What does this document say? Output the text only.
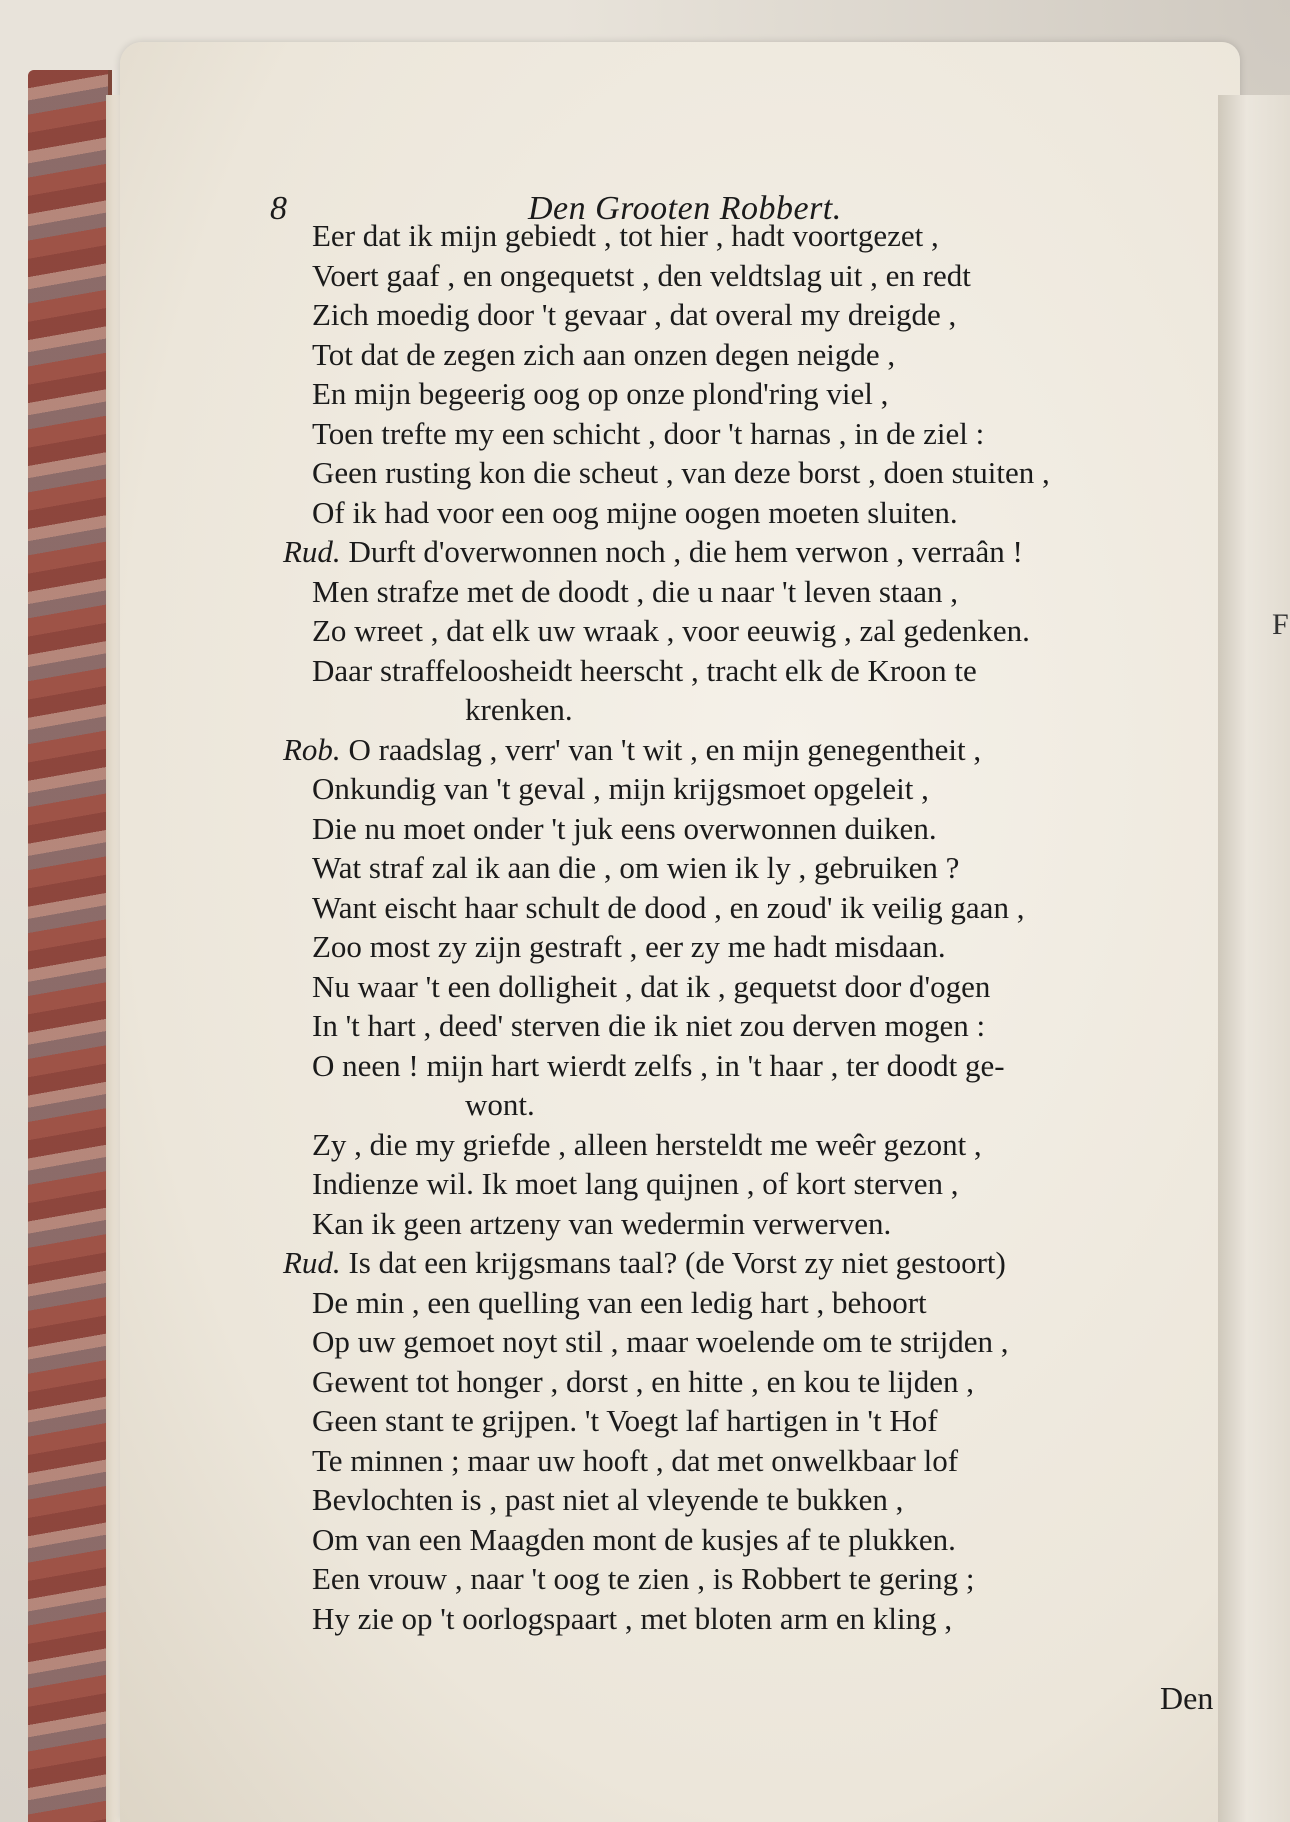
F
8	Den Grooten Robbert.
Eer dat ik mijn gebiedt , tot hier , hadt voortgezet ,
Voert gaaf , en ongequetst , den veldtslag uit , en redt
Zich moedig door 't gevaar , dat overal my dreigde ,
Tot dat de zegen zich aan onzen degen neigde ,
En mijn begeerig oog op onze plond'ring viel ,
Toen trefte my een schicht , door 't harnas , in de ziel :
Geen rusting kon die scheut , van deze borst , doen stuiten ,
Of ik had voor een oog mijne oogen moeten sluiten.
Rud. Durft d'overwonnen noch , die hem verwon , verraân !
Men strafze met de doodt , die u naar 't leven staan ,
Zo wreet , dat elk uw wraak , voor eeuwig , zal gedenken.
Daar straffeloosheidt heerscht , tracht elk de Kroon te
krenken.
Rob. O raadslag , verr' van 't wit , en mijn genegentheit ,
Onkundig van 't geval , mijn krijgsmoet opgeleit ,
Die nu moet onder 't juk eens overwonnen duiken.
Wat straf zal ik aan die , om wien ik ly , gebruiken ?
Want eischt haar schult de dood , en zoud' ik veilig gaan ,
Zoo most zy zijn gestraft , eer zy me hadt misdaan.
Nu waar 't een dolligheit , dat ik , gequetst door d'ogen
In 't hart , deed' sterven die ik niet zou derven mogen :
O neen ! mijn hart wierdt zelfs , in 't haar , ter doodt ge-
wont.
Zy , die my griefde , alleen hersteldt me weêr gezont ,
Indienze wil. Ik moet lang quijnen , of kort sterven ,
Kan ik geen artzeny van wedermin verwerven.
Rud. Is dat een krijgsmans taal? (de Vorst zy niet gestoort)
De min , een quelling van een ledig hart , behoort
Op uw gemoet noyt stil , maar woelende om te strijden ,
Gewent tot honger , dorst , en hitte , en kou te lijden ,
Geen stant te grijpen. 't Voegt laf hartigen in 't Hof
Te minnen ; maar uw hooft , dat met onwelkbaar lof
Bevlochten is , past niet al vleyende te bukken ,
Om van een Maagden mont de kusjes af te plukken.
Een vrouw , naar 't oog te zien , is Robbert te gering ;
Hy zie op 't oorlogspaart , met bloten arm en kling ,
Den
